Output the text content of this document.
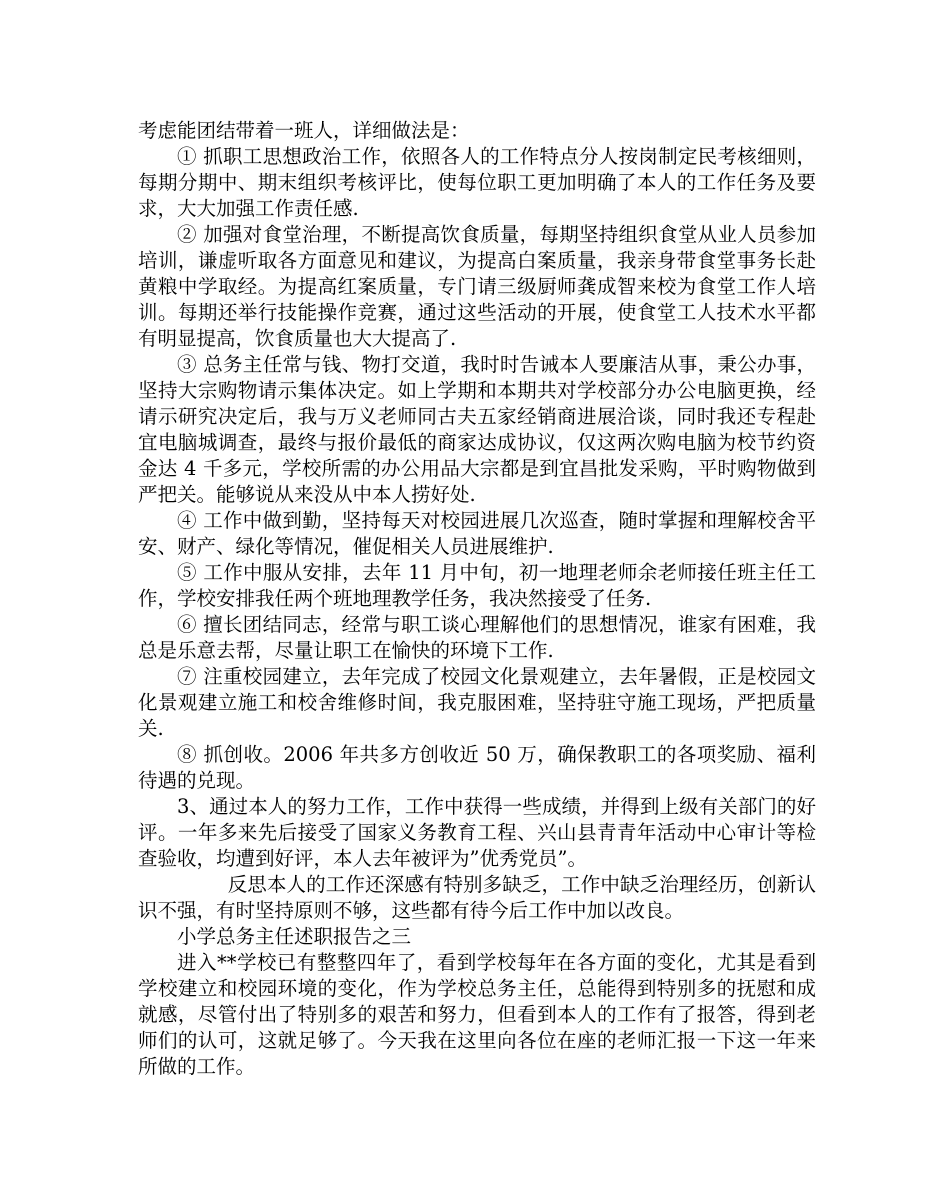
考虑能团结带着一班人，详细做法是：

① 抓职工思想政治工作，依照各人的工作特点分人按岗制定民考核细则，每期分期中、期末组织考核评比，使每位职工更加明确了本人的工作任务及要求，大大加强工作责任感.

② 加强对食堂治理，不断提高饮食质量，每期坚持组织食堂从业人员参加培训，谦虚听取各方面意见和建议，为提高白案质量，我亲身带食堂事务长赴黄粮中学取经。为提高红案质量，专门请三级厨师龚成智来校为食堂工作人培训。每期还举行技能操作竞赛，通过这些活动的开展，使食堂工人技术水平都有明显提高，饮食质量也大大提高了.

③ 总务主任常与钱、物打交道，我时时告诫本人要廉洁从事，秉公办事，坚持大宗购物请示集体决定。如上学期和本期共对学校部分办公电脑更换，经请示研究决定后，我与万义老师同古夫五家经销商进展洽谈，同时我还专程赴宜电脑城调查，最终与报价最低的商家达成协议，仅这两次购电脑为校节约资金达 4 千多元，学校所需的办公用品大宗都是到宜昌批发采购，平时购物做到严把关。能够说从来没从中本人捞好处.

④ 工作中做到勤，坚持每天对校园进展几次巡查，随时掌握和理解校舍平安、财产、绿化等情况，催促相关人员进展维护.

⑤ 工作中服从安排，去年 11 月中旬，初一地理老师余老师接任班主任工作，学校安排我任两个班地理教学任务，我决然接受了任务.

⑥ 擅长团结同志，经常与职工谈心理解他们的思想情况，谁家有困难，我总是乐意去帮，尽量让职工在愉快的环境下工作.

⑦ 注重校园建立，去年完成了校园文化景观建立，去年暑假，正是校园文化景观建立施工和校舍维修时间，我克服困难，坚持驻守施工现场，严把质量关.

⑧ 抓创收。2006 年共多方创收近 50 万，确保教职工的各项奖励、福利待遇的兑现。

3、通过本人的努力工作，工作中获得一些成绩，并得到上级有关部门的好评。一年多来先后接受了国家义务教育工程、兴山县青青年活动中心审计等检查验收，均遭到好评，本人去年被评为”优秀党员”。

反思本人的工作还深感有特别多缺乏，工作中缺乏治理经历，创新认识不强，有时坚持原则不够，这些都有待今后工作中加以改良。

小学总务主任述职报告之三

进入**学校已有整整四年了，看到学校每年在各方面的变化，尤其是看到学校建立和校园环境的变化，作为学校总务主任，总能得到特别多的抚慰和成就感，尽管付出了特别多的艰苦和努力，但看到本人的工作有了报答，得到老师们的认可，这就足够了。今天我在这里向各位在座的老师汇报一下这一年来所做的工作。
